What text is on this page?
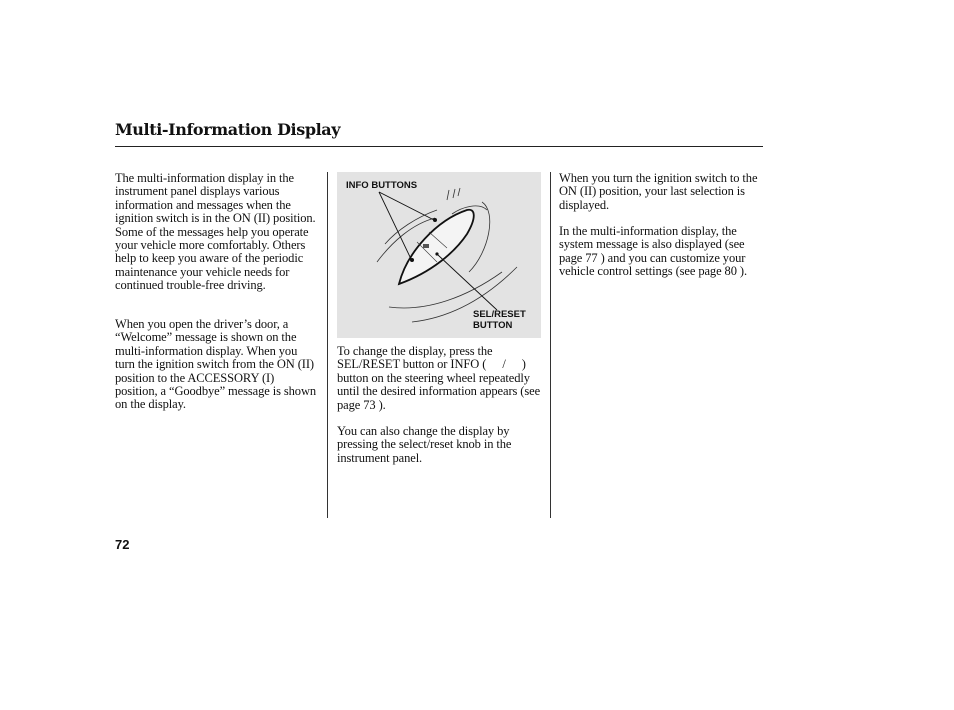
Multi-Information Display

The multi-information display in the instrument panel displays various information and messages when the ignition switch is in the ON (II) position. Some of the messages help you operate your vehicle more comfortably. Others help to keep you aware of the periodic maintenance your vehicle needs for continued trouble-free driving.

When you open the driver’s door, a “Welcome” message is shown on the multi-information display. When you turn the ignition switch from the ON (II) position to the ACCESSORY (I) position, a “Goodbye” message is shown on the display.

INFO BUTTONS
SEL/RESET
BUTTON

To change the display, press the SEL/RESET button or INFO ( / ) button on the steering wheel repeatedly until the desired information appears (see page 73 ).

You can also change the display by pressing the select/reset knob in the instrument panel.

When you turn the ignition switch to the ON (II) position, your last selection is displayed.

In the multi-information display, the system message is also displayed (see page 77 ) and you can customize your vehicle control settings (see page 80 ).

72
